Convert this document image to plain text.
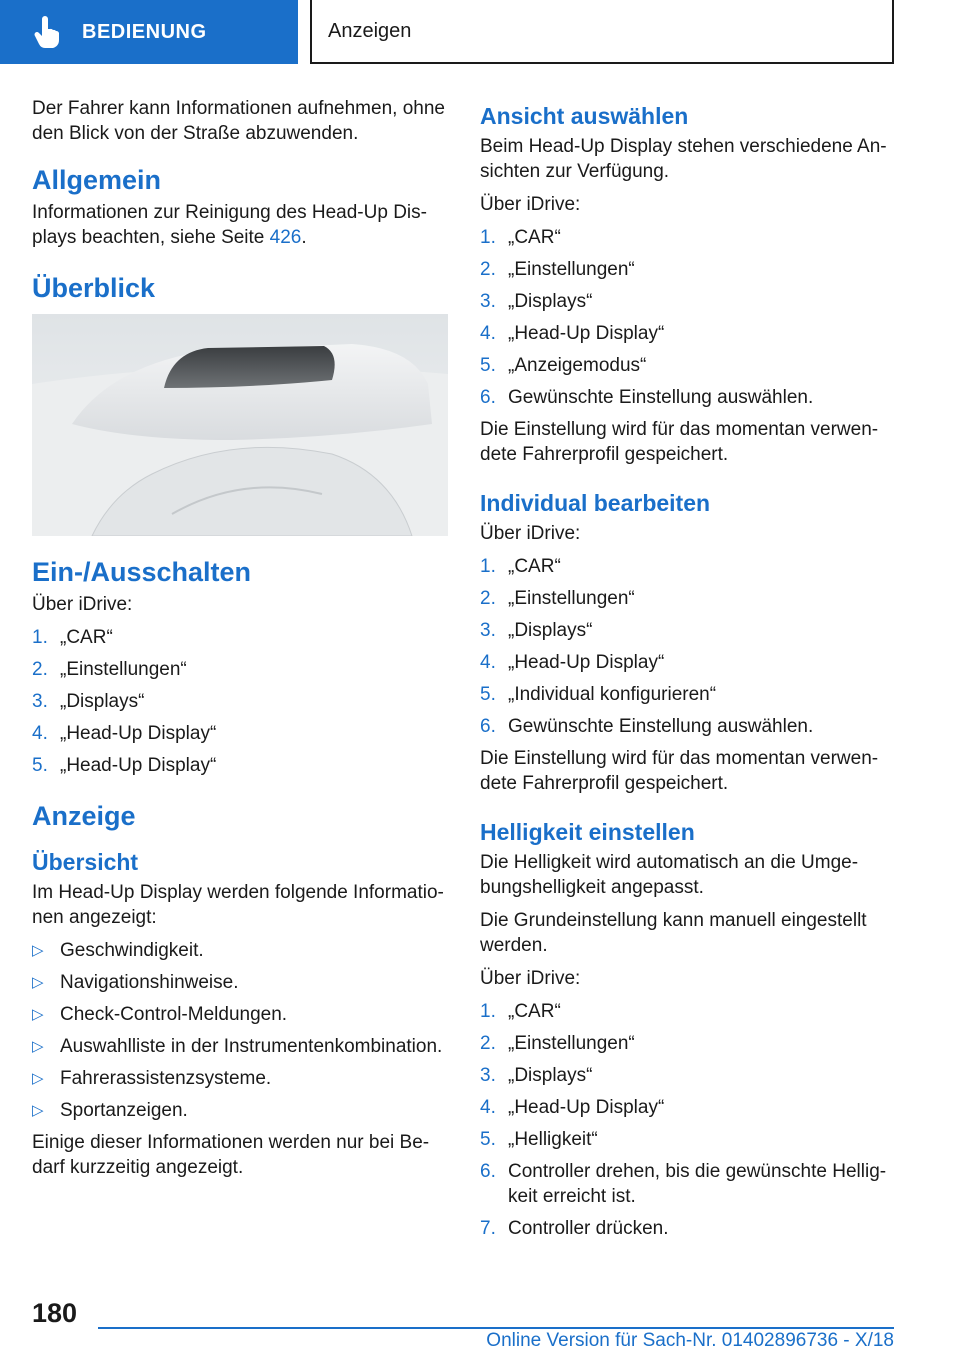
BEDIENUNG	Anzeigen

Der Fahrer kann Informationen aufnehmen, ohne den Blick von der Straße abzuwenden.

Allgemein

Informationen zur Reinigung des Head-Up Displays beachten, siehe Seite 426.

Überblick
Ein-/Ausschalten

Über iDrive:

1. „CAR“
2. „Einstellungen“
3. „Displays“
4. „Head-Up Display“
5. „Head-Up Display“
Anzeige
Übersicht

Im Head-Up Display werden folgende Informationen angezeigt:

▷ Geschwindigkeit.
▷ Navigationshinweise.
▷ Check-Control-Meldungen.
▷ Auswahlliste in der Instrumentenkombination.
▷ Fahrerassistenzsysteme.
▷ Sportanzeigen.

Einige dieser Informationen werden nur bei Bedarf kurzzeitig angezeigt.

Ansicht auswählen

Beim Head-Up Display stehen verschiedene Ansichten zur Verfügung.

Über iDrive:

1. „CAR“
2. „Einstellungen“
3. „Displays“
4. „Head-Up Display“
5. „Anzeigemodus“
6. Gewünschte Einstellung auswählen.

Die Einstellung wird für das momentan verwendete Fahrerprofil gespeichert.

Individual bearbeiten

Über iDrive:

1. „CAR“
2. „Einstellungen“
3. „Displays“
4. „Head-Up Display“
5. „Individual konfigurieren“
6. Gewünschte Einstellung auswählen.

Die Einstellung wird für das momentan verwendete Fahrerprofil gespeichert.

Helligkeit einstellen

Die Helligkeit wird automatisch an die Umgebungshelligkeit angepasst.

Die Grundeinstellung kann manuell eingestellt werden.

Über iDrive:

1. „CAR“
2. „Einstellungen“
3. „Displays“
4. „Head-Up Display“
5. „Helligkeit“
6. Controller drehen, bis die gewünschte Helligkeit erreicht ist.
7. Controller drücken.
180
Online Version für Sach-Nr. 01402896736 - X/18
